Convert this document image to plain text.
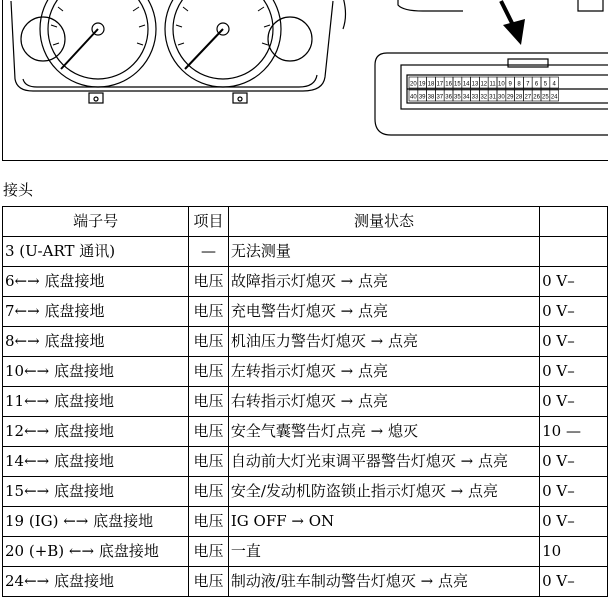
20 19 18 17 16 15 14 13 12 11 10 9 8 7 6 5 4
40 39 38 37 36 35 34 33 32 31 30 29 28 27 26 25 24
接头
端子号	项目	测量状态	
3 (U-ART 通讯)	—	无法测量	
6←→ 底盘接地	电压	故障指示灯熄灭 → 点亮	0 V–
7←→ 底盘接地	电压	充电警告灯熄灭 → 点亮	0 V–
8←→ 底盘接地	电压	机油压力警告灯熄灭 → 点亮	0 V–
10←→ 底盘接地	电压	左转指示灯熄灭 → 点亮	0 V–
11←→ 底盘接地	电压	右转指示灯熄灭 → 点亮	0 V–
12←→ 底盘接地	电压	安全气囊警告灯点亮 → 熄灭	10 —
14←→ 底盘接地	电压	自动前大灯光束调平器警告灯熄灭 → 点亮	0 V–
15←→ 底盘接地	电压	安全/发动机防盗锁止指示灯熄灭 → 点亮	0 V–
19 (IG) ←→ 底盘接地	电压	IG OFF → ON	0 V–
20 (+B) ←→ 底盘接地	电压	一直	10
24←→ 底盘接地	电压	制动液/驻车制动警告灯熄灭 → 点亮	0 V–
